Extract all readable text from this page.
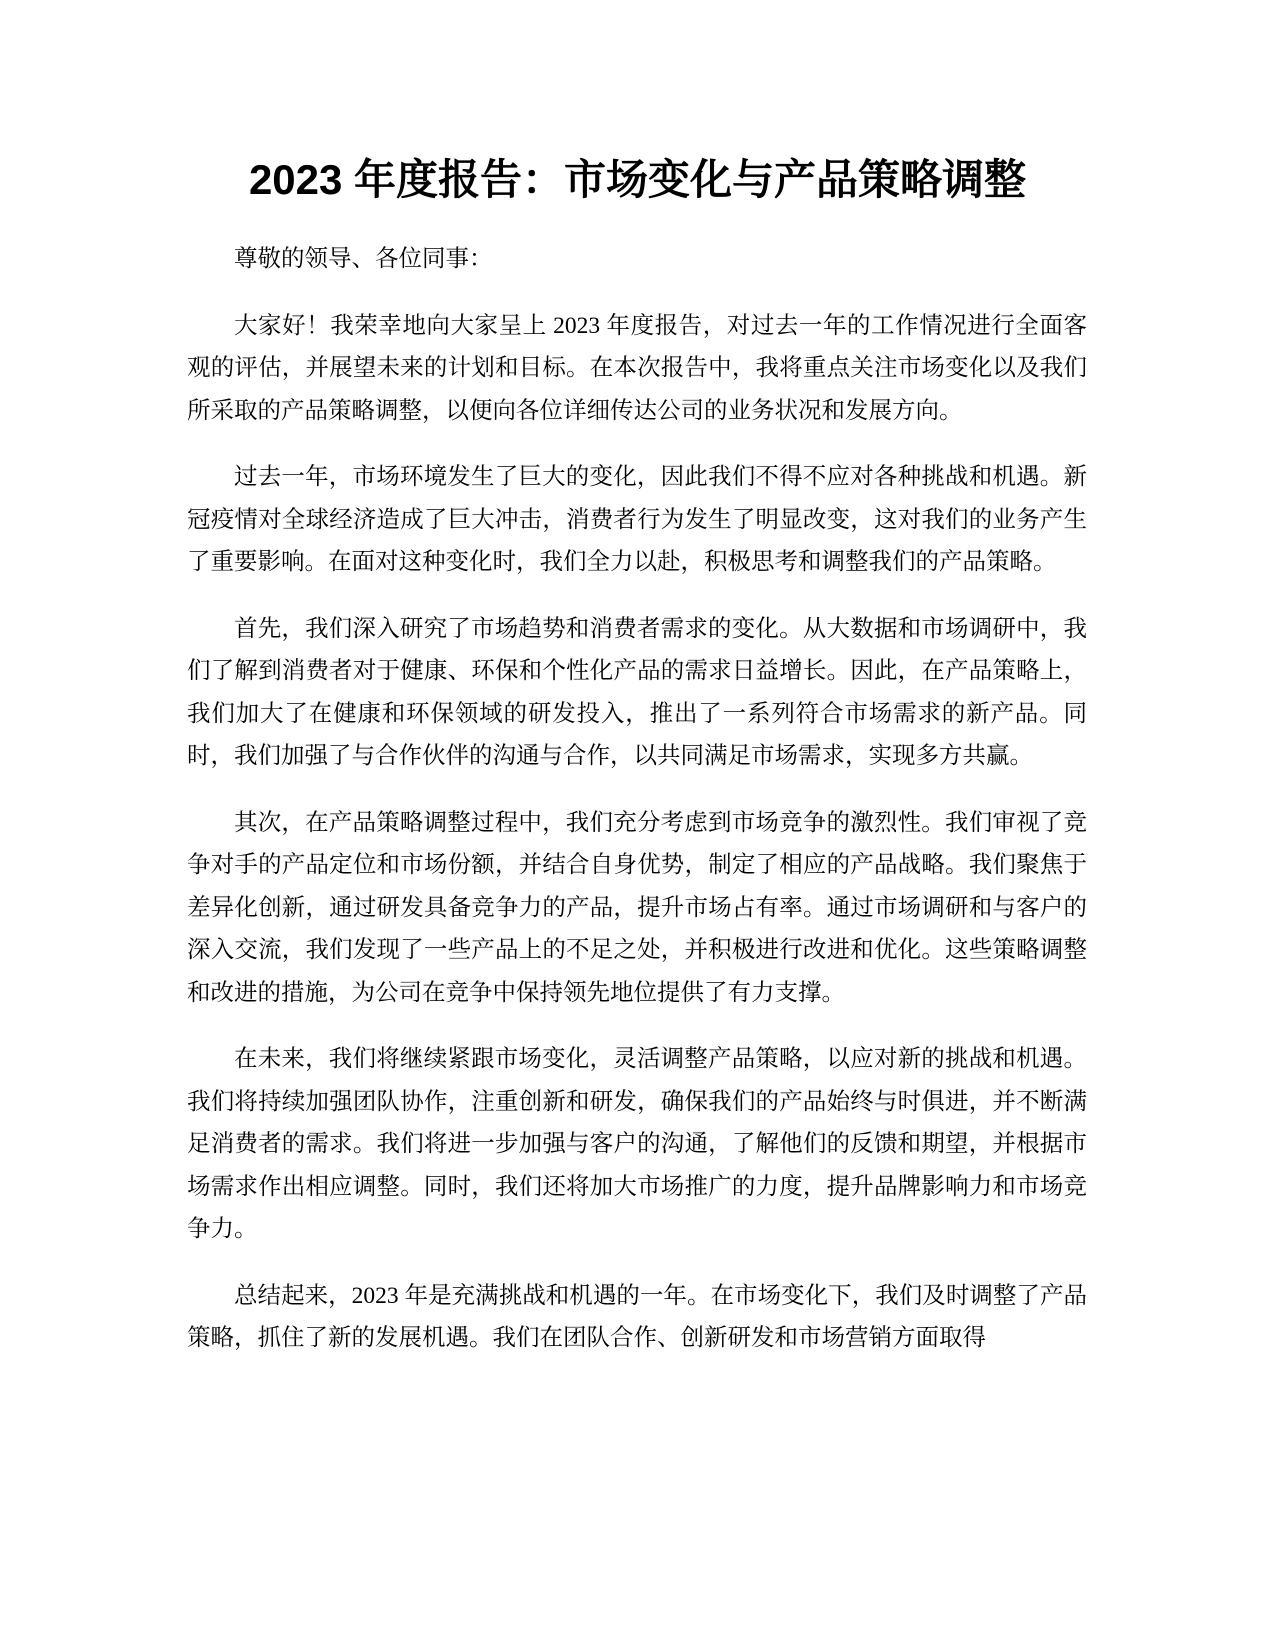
2023 年度报告：市场变化与产品策略调整

尊敬的领导、各位同事：

大家好！我荣幸地向大家呈上 2023 年度报告，对过去一年的工作情况进行全面客观的评估，并展望未来的计划和目标。在本次报告中，我将重点关注市场变化以及我们所采取的产品策略调整，以便向各位详细传达公司的业务状况和发展方向。

过去一年，市场环境发生了巨大的变化，因此我们不得不应对各种挑战和机遇。新冠疫情对全球经济造成了巨大冲击，消费者行为发生了明显改变，这对我们的业务产生了重要影响。在面对这种变化时，我们全力以赴，积极思考和调整我们的产品策略。

首先，我们深入研究了市场趋势和消费者需求的变化。从大数据和市场调研中，我们了解到消费者对于健康、环保和个性化产品的需求日益增长。因此，在产品策略上，我们加大了在健康和环保领域的研发投入，推出了一系列符合市场需求的新产品。同时，我们加强了与合作伙伴的沟通与合作，以共同满足市场需求，实现多方共赢。

其次，在产品策略调整过程中，我们充分考虑到市场竞争的激烈性。我们审视了竞争对手的产品定位和市场份额，并结合自身优势，制定了相应的产品战略。我们聚焦于差异化创新，通过研发具备竞争力的产品，提升市场占有率。通过市场调研和与客户的深入交流，我们发现了一些产品上的不足之处，并积极进行改进和优化。这些策略调整和改进的措施，为公司在竞争中保持领先地位提供了有力支撑。

在未来，我们将继续紧跟市场变化，灵活调整产品策略，以应对新的挑战和机遇。我们将持续加强团队协作，注重创新和研发，确保我们的产品始终与时俱进，并不断满足消费者的需求。我们将进一步加强与客户的沟通，了解他们的反馈和期望，并根据市场需求作出相应调整。同时，我们还将加大市场推广的力度，提升品牌影响力和市场竞争力。

总结起来，2023 年是充满挑战和机遇的一年。在市场变化下，我们及时调整了产品策略，抓住了新的发展机遇。我们在团队合作、创新研发和市场营销方面取得
